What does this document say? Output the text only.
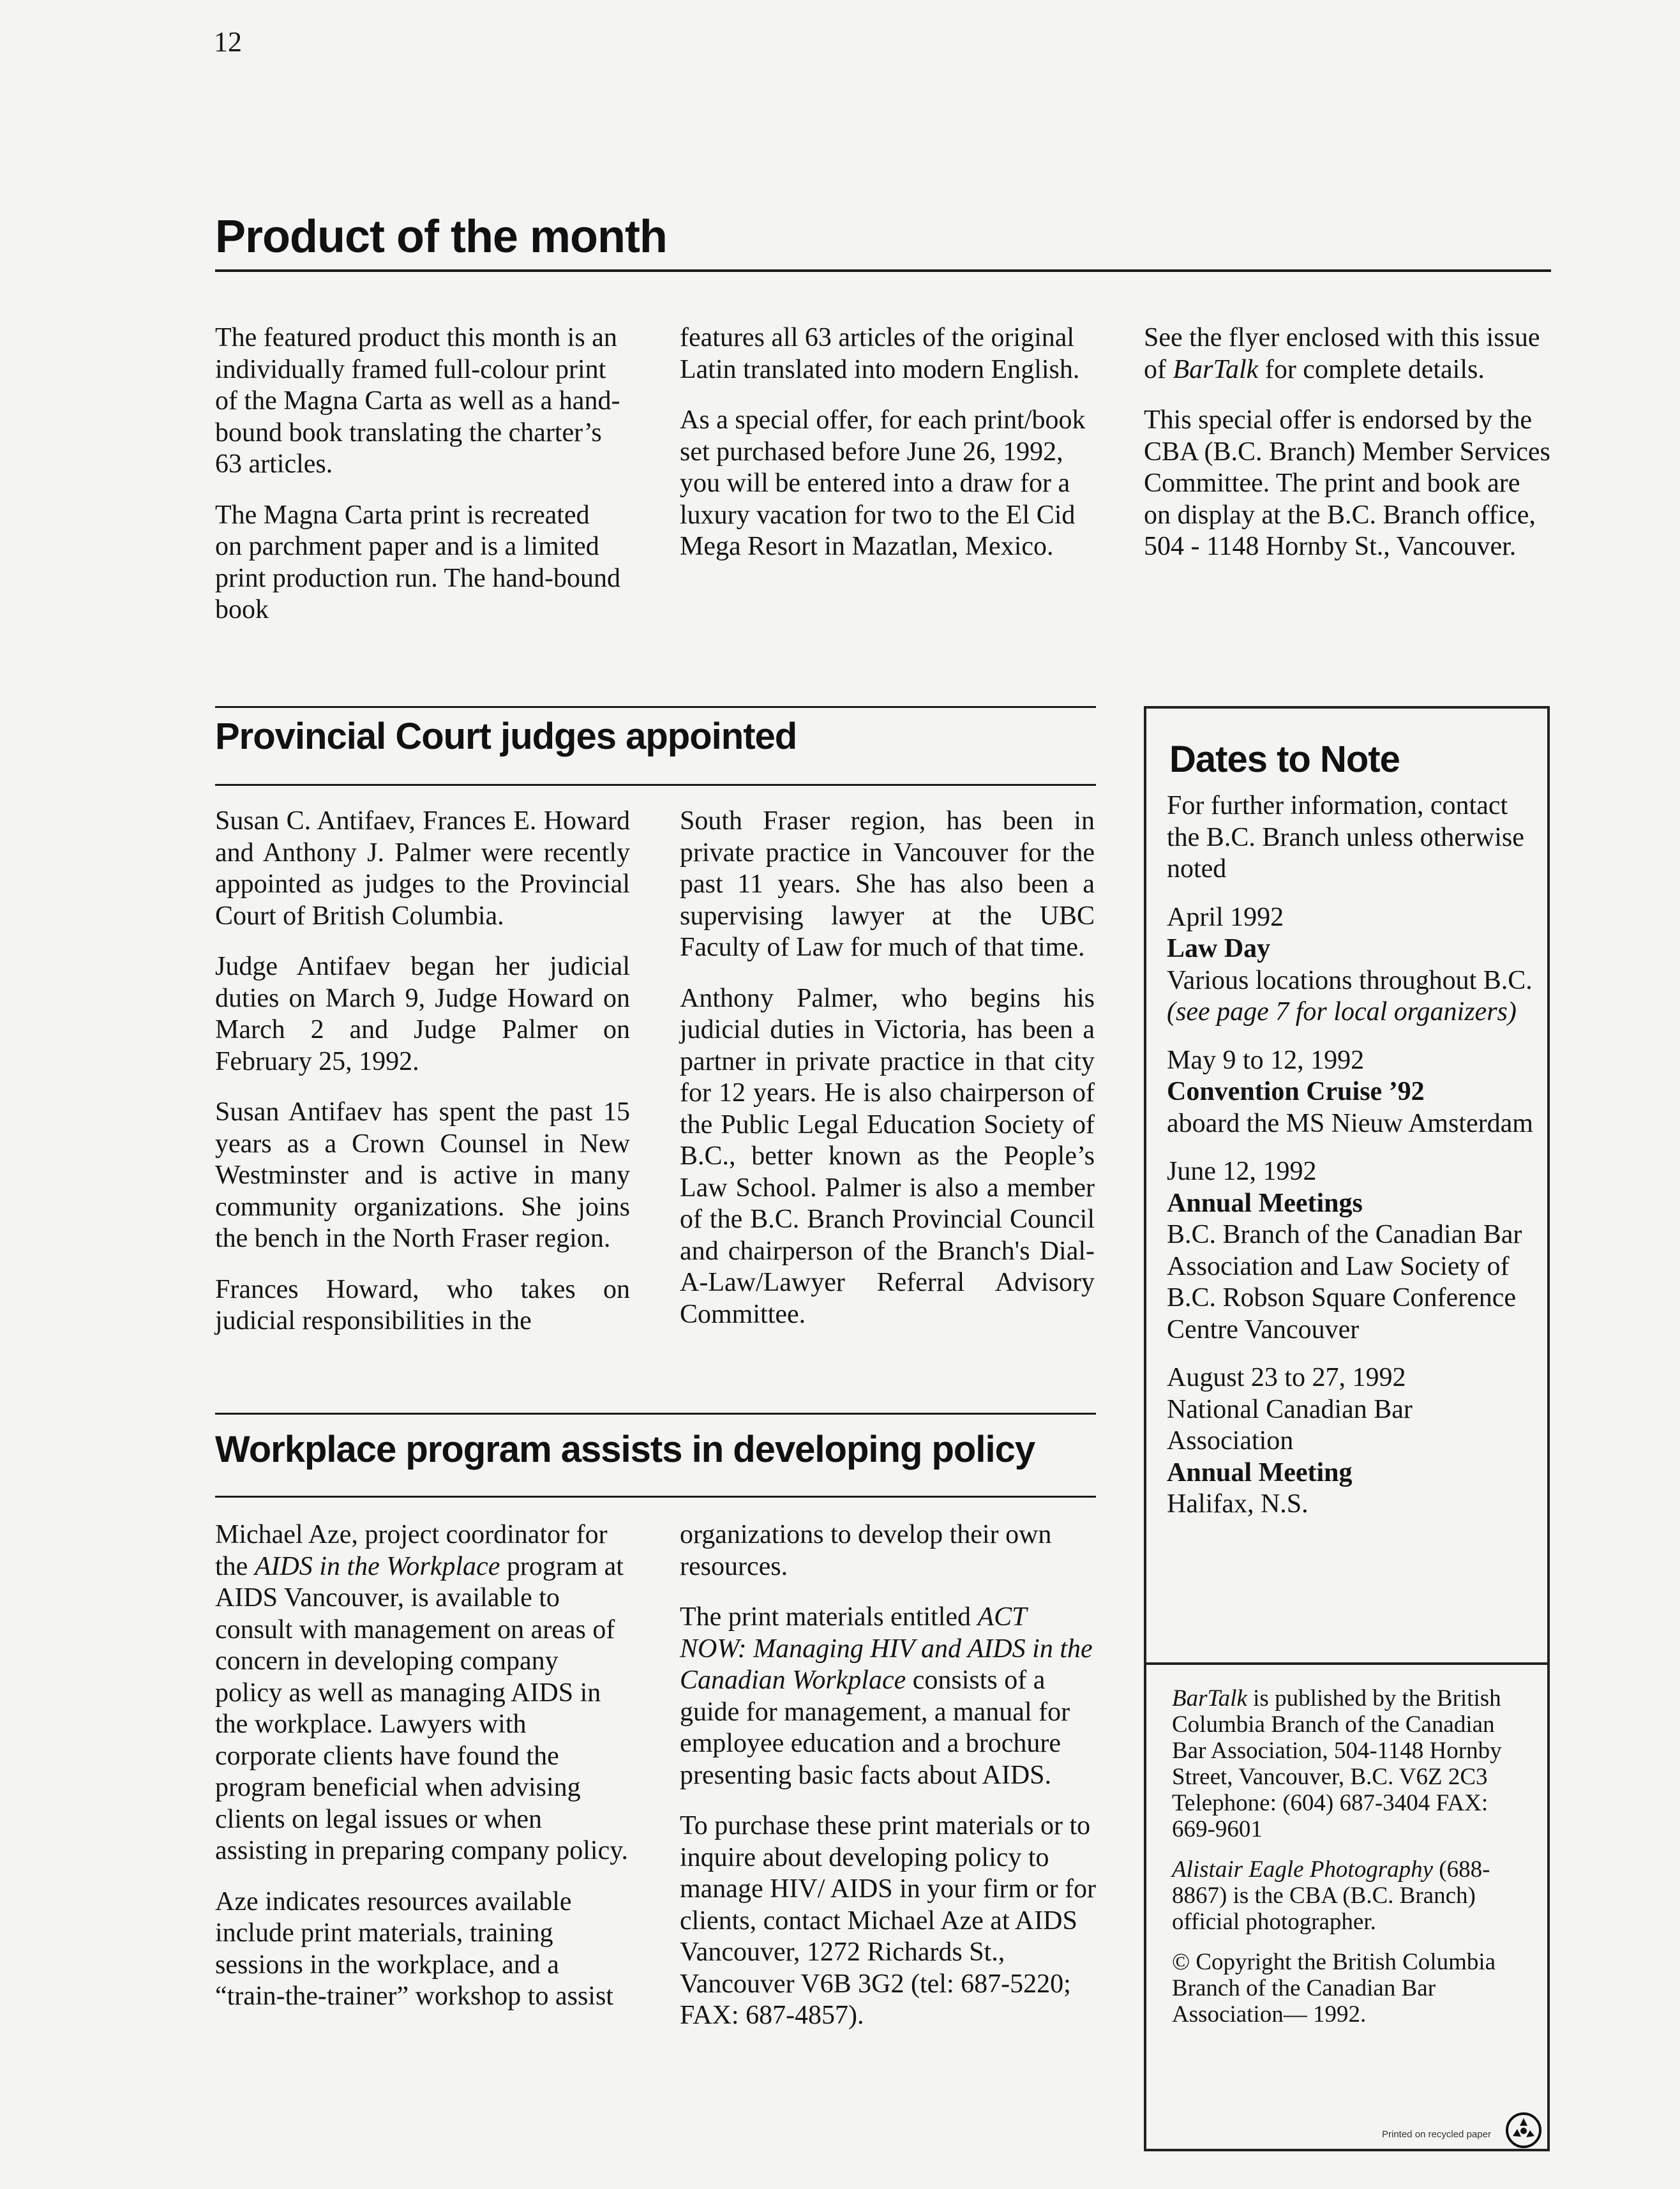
12
Product of the month

The featured product this month is an individually framed full-colour print of the Magna Carta as well as a hand-bound book translating the charter’s 63 articles.

The Magna Carta print is recreated on parchment paper and is a limited print production run. The hand-bound book

features all 63 articles of the original Latin translated into modern English.

As a special offer, for each print/book set purchased before June 26, 1992, you will be entered into a draw for a luxury vacation for two to the El Cid Mega Resort in Mazatlan, Mexico.

See the flyer enclosed with this issue of BarTalk for complete details.

This special offer is endorsed by the CBA (B.C. Branch) Member Services Committee. The print and book are on display at the B.C. Branch office, 504 - 1148 Hornby St., Vancouver.

Provincial Court judges appointed

Susan C. Antifaev, Frances E. Howard and Anthony J. Palmer were recently appointed as judges to the Provincial Court of British Columbia.

Judge Antifaev began her judicial duties on March 9, Judge Howard on March 2 and Judge Palmer on February 25, 1992.

Susan Antifaev has spent the past 15 years as a Crown Counsel in New Westminster and is active in many community organizations. She joins the bench in the North Fraser region.

Frances Howard, who takes on judicial responsibilities in the

South Fraser region, has been in private practice in Vancouver for the past 11 years. She has also been a supervising lawyer at the UBC Faculty of Law for much of that time.

Anthony Palmer, who begins his judicial duties in Victoria, has been a partner in private practice in that city for 12 years. He is also chairperson of the Public Legal Education Society of B.C., better known as the People’s Law School. Palmer is also a member of the B.C. Branch Provincial Council and chairperson of the Branch's Dial-A-Law/Lawyer Referral Advisory Committee.

Workplace program assists in developing policy

Michael Aze, project coordinator for the AIDS in the Workplace program at AIDS Vancouver, is available to consult with management on areas of concern in developing company policy as well as managing AIDS in the workplace. Lawyers with corporate clients have found the program beneficial when advising clients on legal issues or when assisting in preparing company policy.

Aze indicates resources available include print materials, training sessions in the workplace, and a “train-the-trainer” workshop to assist

organizations to develop their own resources.

The print materials entitled ACT NOW: Managing HIV and AIDS in the Canadian Workplace consists of a guide for management, a manual for employee education and a brochure presenting basic facts about AIDS.

To purchase these print materials or to inquire about developing policy to manage HIV/ AIDS in your firm or for clients, contact Michael Aze at AIDS Vancouver, 1272 Richards St., Vancouver V6B 3G2 (tel: 687-5220; FAX: 687-4857).

Dates to Note

For further information, contact the B.C. Branch unless otherwise noted

April 1992
Law Day
Various locations throughout B.C. (see page 7 for local organizers)

May 9 to 12, 1992
Convention Cruise ’92
aboard the MS Nieuw Amsterdam

June 12, 1992
Annual Meetings
B.C. Branch of the Canadian Bar Association and Law Society of B.C. Robson Square Conference Centre Vancouver

August 23 to 27, 1992
National Canadian Bar Association
Annual Meeting
Halifax, N.S.

BarTalk is published by the British Columbia Branch of the Canadian Bar Association, 504-1148 Hornby Street, Vancouver, B.C. V6Z 2C3 Telephone: (604) 687-3404 FAX: 669-9601

Alistair Eagle Photography (688-8867) is the CBA (B.C. Branch) official photographer.

© Copyright the British Columbia Branch of the Canadian Bar Association— 1992.

Printed on recycled paper
